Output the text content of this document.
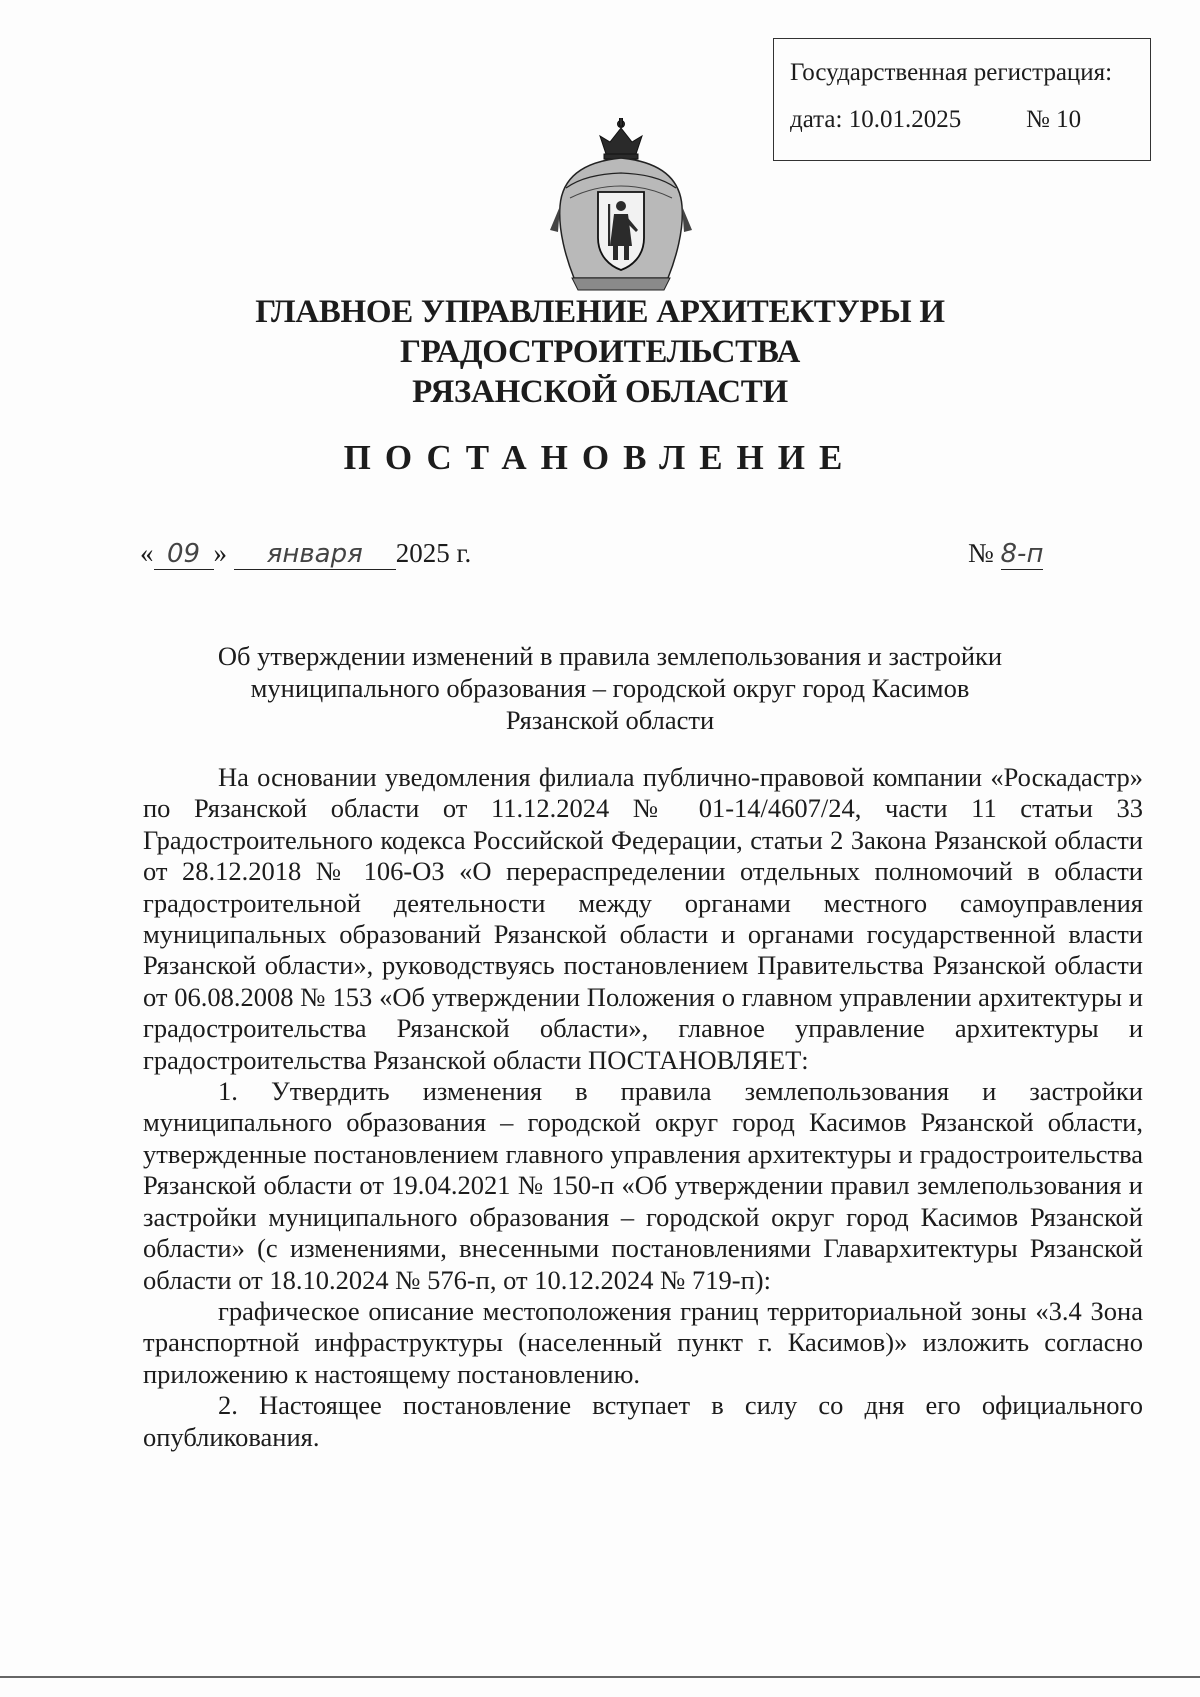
Государственная регистрация:
дата: 10.01.2025	№ 10
ГЛАВНОЕ УПРАВЛЕНИЕ АРХИТЕКТУРЫ И ГРАДОСТРОИТЕЛЬСТВА
РЯЗАНСКОЙ ОБЛАСТИ
ПОСТАНОВЛЕНИЕ
« 09 » января 2025 г.	№ 8-п
Об утверждении изменений в правила землепользования и застройки
муниципального образования – городской округ город Касимов
Рязанской области

На основании уведомления филиала публично-правовой компании «Роскадастр» по Рязанской области от 11.12.2024 № 01-14/4607/24, части 11 статьи 33 Градостроительного кодекса Российской Федерации, статьи 2 Закона Рязанской области от 28.12.2018 № 106-ОЗ «О перераспределении отдельных полномочий в области градостроительной деятельности между органами местного самоуправления муниципальных образований Рязанской области и органами государственной власти Рязанской области», руководствуясь постановлением Правительства Рязанской области от 06.08.2008 № 153 «Об утверждении Положения о главном управлении архитектуры и градостроительства Рязанской области», главное управление архитектуры и градостроительства Рязанской области ПОСТАНОВЛЯЕТ:

1. Утвердить изменения в правила землепользования и застройки муниципального образования – городской округ город Касимов Рязанской области, утвержденные постановлением главного управления архитектуры и градостроительства Рязанской области от 19.04.2021 № 150-п «Об утверждении правил землепользования и застройки муниципального образования – городской округ город Касимов Рязанской области» (с изменениями, внесенными постановлениями Главархитектуры Рязанской области от 18.10.2024 № 576-п, от 10.12.2024 № 719-п):

графическое описание местоположения границ территориальной зоны «3.4 Зона транспортной инфраструктуры (населенный пункт г. Касимов)» изложить согласно приложению к настоящему постановлению.

2. Настоящее постановление вступает в силу со дня его официального опубликования.
